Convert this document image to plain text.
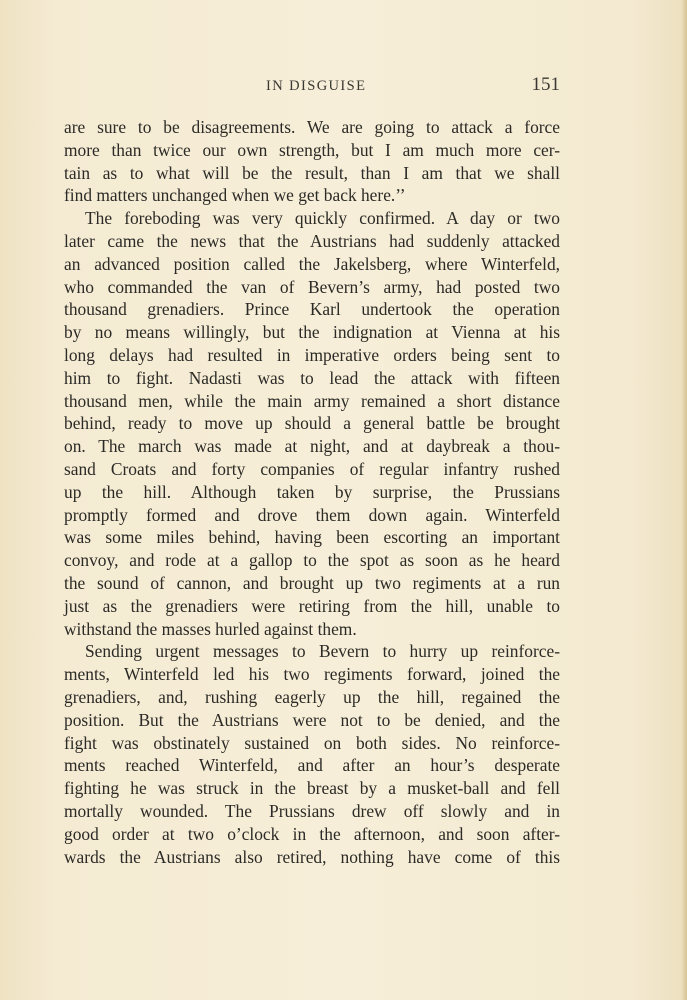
IN DISGUISE	151
are sure to be disagreements. We are going to attack a force
more than twice our own strength, but I am much more cer-
tain as to what will be the result, than I am that we shall
find matters unchanged when we get back here.’’
The foreboding was very quickly confirmed. A day or two
later came the news that the Austrians had suddenly attacked
an advanced position called the Jakelsberg, where Winterfeld,
who commanded the van of Bevern’s army, had posted two
thousand grenadiers. Prince Karl undertook the operation
by no means willingly, but the indignation at Vienna at his
long delays had resulted in imperative orders being sent to
him to fight. Nadasti was to lead the attack with fifteen
thousand men, while the main army remained a short distance
behind, ready to move up should a general battle be brought
on. The march was made at night, and at daybreak a thou-
sand Croats and forty companies of regular infantry rushed
up the hill. Although taken by surprise, the Prussians
promptly formed and drove them down again. Winterfeld
was some miles behind, having been escorting an important
convoy, and rode at a gallop to the spot as soon as he heard
the sound of cannon, and brought up two regiments at a run
just as the grenadiers were retiring from the hill, unable to
withstand the masses hurled against them.
Sending urgent messages to Bevern to hurry up reinforce-
ments, Winterfeld led his two regiments forward, joined the
grenadiers, and, rushing eagerly up the hill, regained the
position. But the Austrians were not to be denied, and the
fight was obstinately sustained on both sides. No reinforce-
ments reached Winterfeld, and after an hour’s desperate
fighting he was struck in the breast by a musket-ball and fell
mortally wounded. The Prussians drew off slowly and in
good order at two o’clock in the afternoon, and soon after-
wards the Austrians also retired, nothing have come of this
